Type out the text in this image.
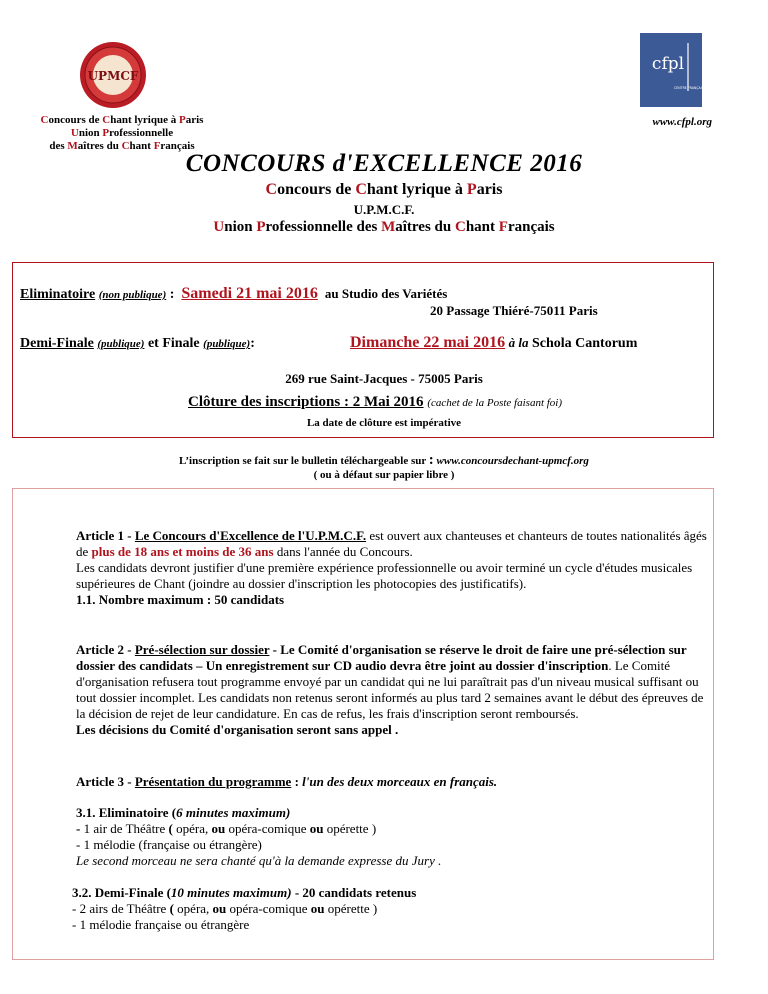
UPMCF
cfpl
CENTRE FRANÇAIS DE PROMOTION LYRIQUE
Concours de Chant lyrique à Paris
Union Professionnelle
des Maîtres du Chant Français
www.cfpl.org
CONCOURS d'EXCELLENCE 2016
Concours de Chant lyrique à Paris
U.P.M.C.F.
Union Professionnelle des Maîtres du Chant Français
Eliminatoire (non publique) : Samedi 21 mai 2016 au Studio des Variétés
20 Passage Thiéré-75011 Paris
Demi-Finale (publique) et Finale (publique):	Dimanche 22 mai 2016 à la Schola Cantorum
269 rue Saint-Jacques - 75005 Paris
Clôture des inscriptions : 2 Mai 2016 (cachet de la Poste faisant foi)
La date de clôture est impérative
L’inscription se fait sur le bulletin téléchargeable sur : www.concoursdechant-upmcf.org
( ou à défaut sur papier libre )
Article 1 - Le Concours d'Excellence de l'U.P.M.C.F. est ouvert aux chanteuses et chanteurs de toutes nationalités âgés de plus de 18 ans et moins de 36 ans dans l'année du Concours.
Les candidats devront justifier d'une première expérience professionnelle ou avoir terminé un cycle d'études musicales supérieures de Chant (joindre au dossier d'inscription les photocopies des justificatifs).
1.1. Nombre maximum : 50 candidats
Article 2 - Pré-sélection sur dossier - Le Comité d'organisation se réserve le droit de faire une pré-sélection sur dossier des candidats – Un enregistrement sur CD audio devra être joint au dossier d'inscription. Le Comité d'organisation refusera tout programme envoyé par un candidat qui ne lui paraîtrait pas d'un niveau musical suffisant ou tout dossier incomplet. Les candidats non retenus seront informés au plus tard 2 semaines avant le début des épreuves de la décision de rejet de leur candidature. En cas de refus, les frais d'inscription seront remboursés.
Les décisions du Comité d'organisation seront sans appel .
Article 3 - Présentation du programme : l'un des deux morceaux en français.
3.1. Eliminatoire (6 minutes maximum)
- 1 air de Théâtre ( opéra, ou opéra-comique ou opérette )
- 1 mélodie (française ou étrangère)
Le second morceau ne sera chanté qu'à la demande expresse du Jury .
3.2. Demi-Finale (10 minutes maximum) - 20 candidats retenus
- 2 airs de Théâtre ( opéra, ou opéra-comique ou opérette )
- 1 mélodie française ou étrangère
